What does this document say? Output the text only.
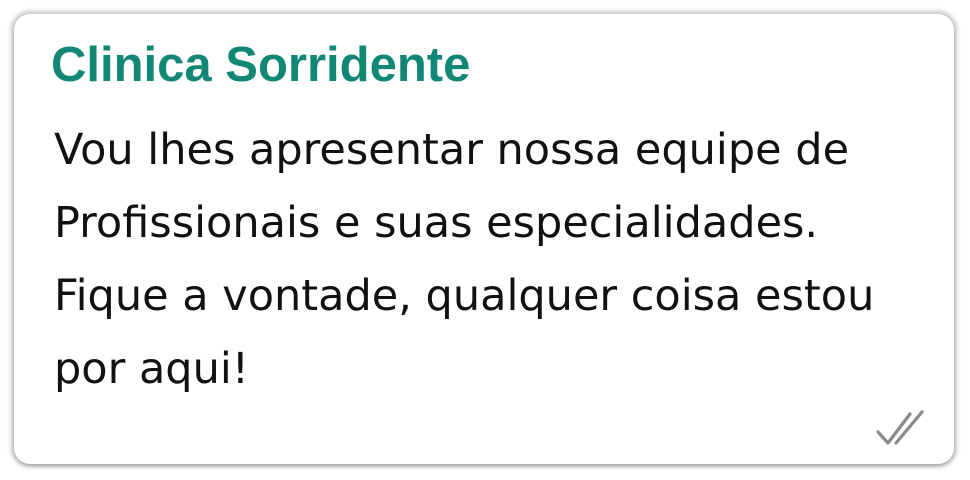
Clinica Sorridente

Vou lhes apresentar nossa equipe de Profissionais e suas especialidades. Fique a vontade, qualquer coisa estou por aqui!
